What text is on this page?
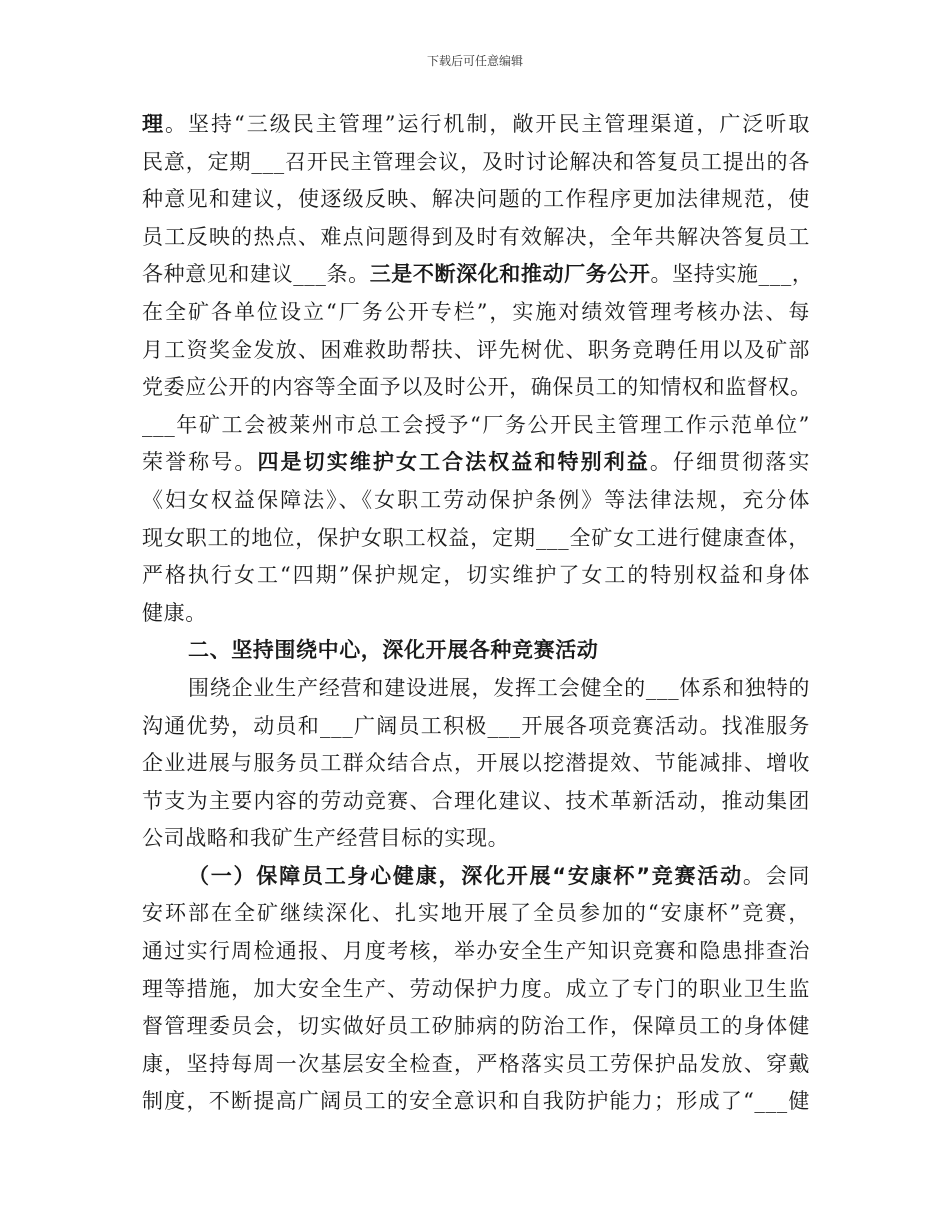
下载后可任意编辑
理。坚持“三级民主管理”运行机制，敞开民主管理渠道，广泛听取
民意，定期___召开民主管理会议，及时讨论解决和答复员工提出的各
种意见和建议，使逐级反映、解决问题的工作程序更加法律规范，使
员工反映的热点、难点问题得到及时有效解决，全年共解决答复员工
各种意见和建议___条。三是不断深化和推动厂务公开。坚持实施___，
在全矿各单位设立“厂务公开专栏”，实施对绩效管理考核办法、每
月工资奖金发放、困难救助帮扶、评先树优、职务竞聘任用以及矿部
党委应公开的内容等全面予以及时公开，确保员工的知情权和监督权。
___年矿工会被莱州市总工会授予“厂务公开民主管理工作示范单位”
荣誉称号。四是切实维护女工合法权益和特别利益。仔细贯彻落实
《妇女权益保障法》、《女职工劳动保护条例》等法律法规，充分体
现女职工的地位，保护女职工权益，定期___全矿女工进行健康查体，
严格执行女工“四期”保护规定，切实维护了女工的特别权益和身体
健康。
二、坚持围绕中心，深化开展各种竞赛活动
围绕企业生产经营和建设进展，发挥工会健全的___体系和独特的
沟通优势，动员和___广阔员工积极___开展各项竞赛活动。找准服务
企业进展与服务员工群众结合点，开展以挖潜提效、节能减排、增收
节支为主要内容的劳动竞赛、合理化建议、技术革新活动，推动集团
公司战略和我矿生产经营目标的实现。
（一）保障员工身心健康，深化开展“安康杯”竞赛活动。会同
安环部在全矿继续深化、扎实地开展了全员参加的“安康杯”竞赛，
通过实行周检通报、月度考核，举办安全生产知识竞赛和隐患排查治
理等措施，加大安全生产、劳动保护力度。成立了专门的职业卫生监
督管理委员会，切实做好员工矽肺病的防治工作，保障员工的身体健
康，坚持每周一次基层安全检查，严格落实员工劳保护品发放、穿戴
制度，不断提高广阔员工的安全意识和自我防护能力；形成了“___健
